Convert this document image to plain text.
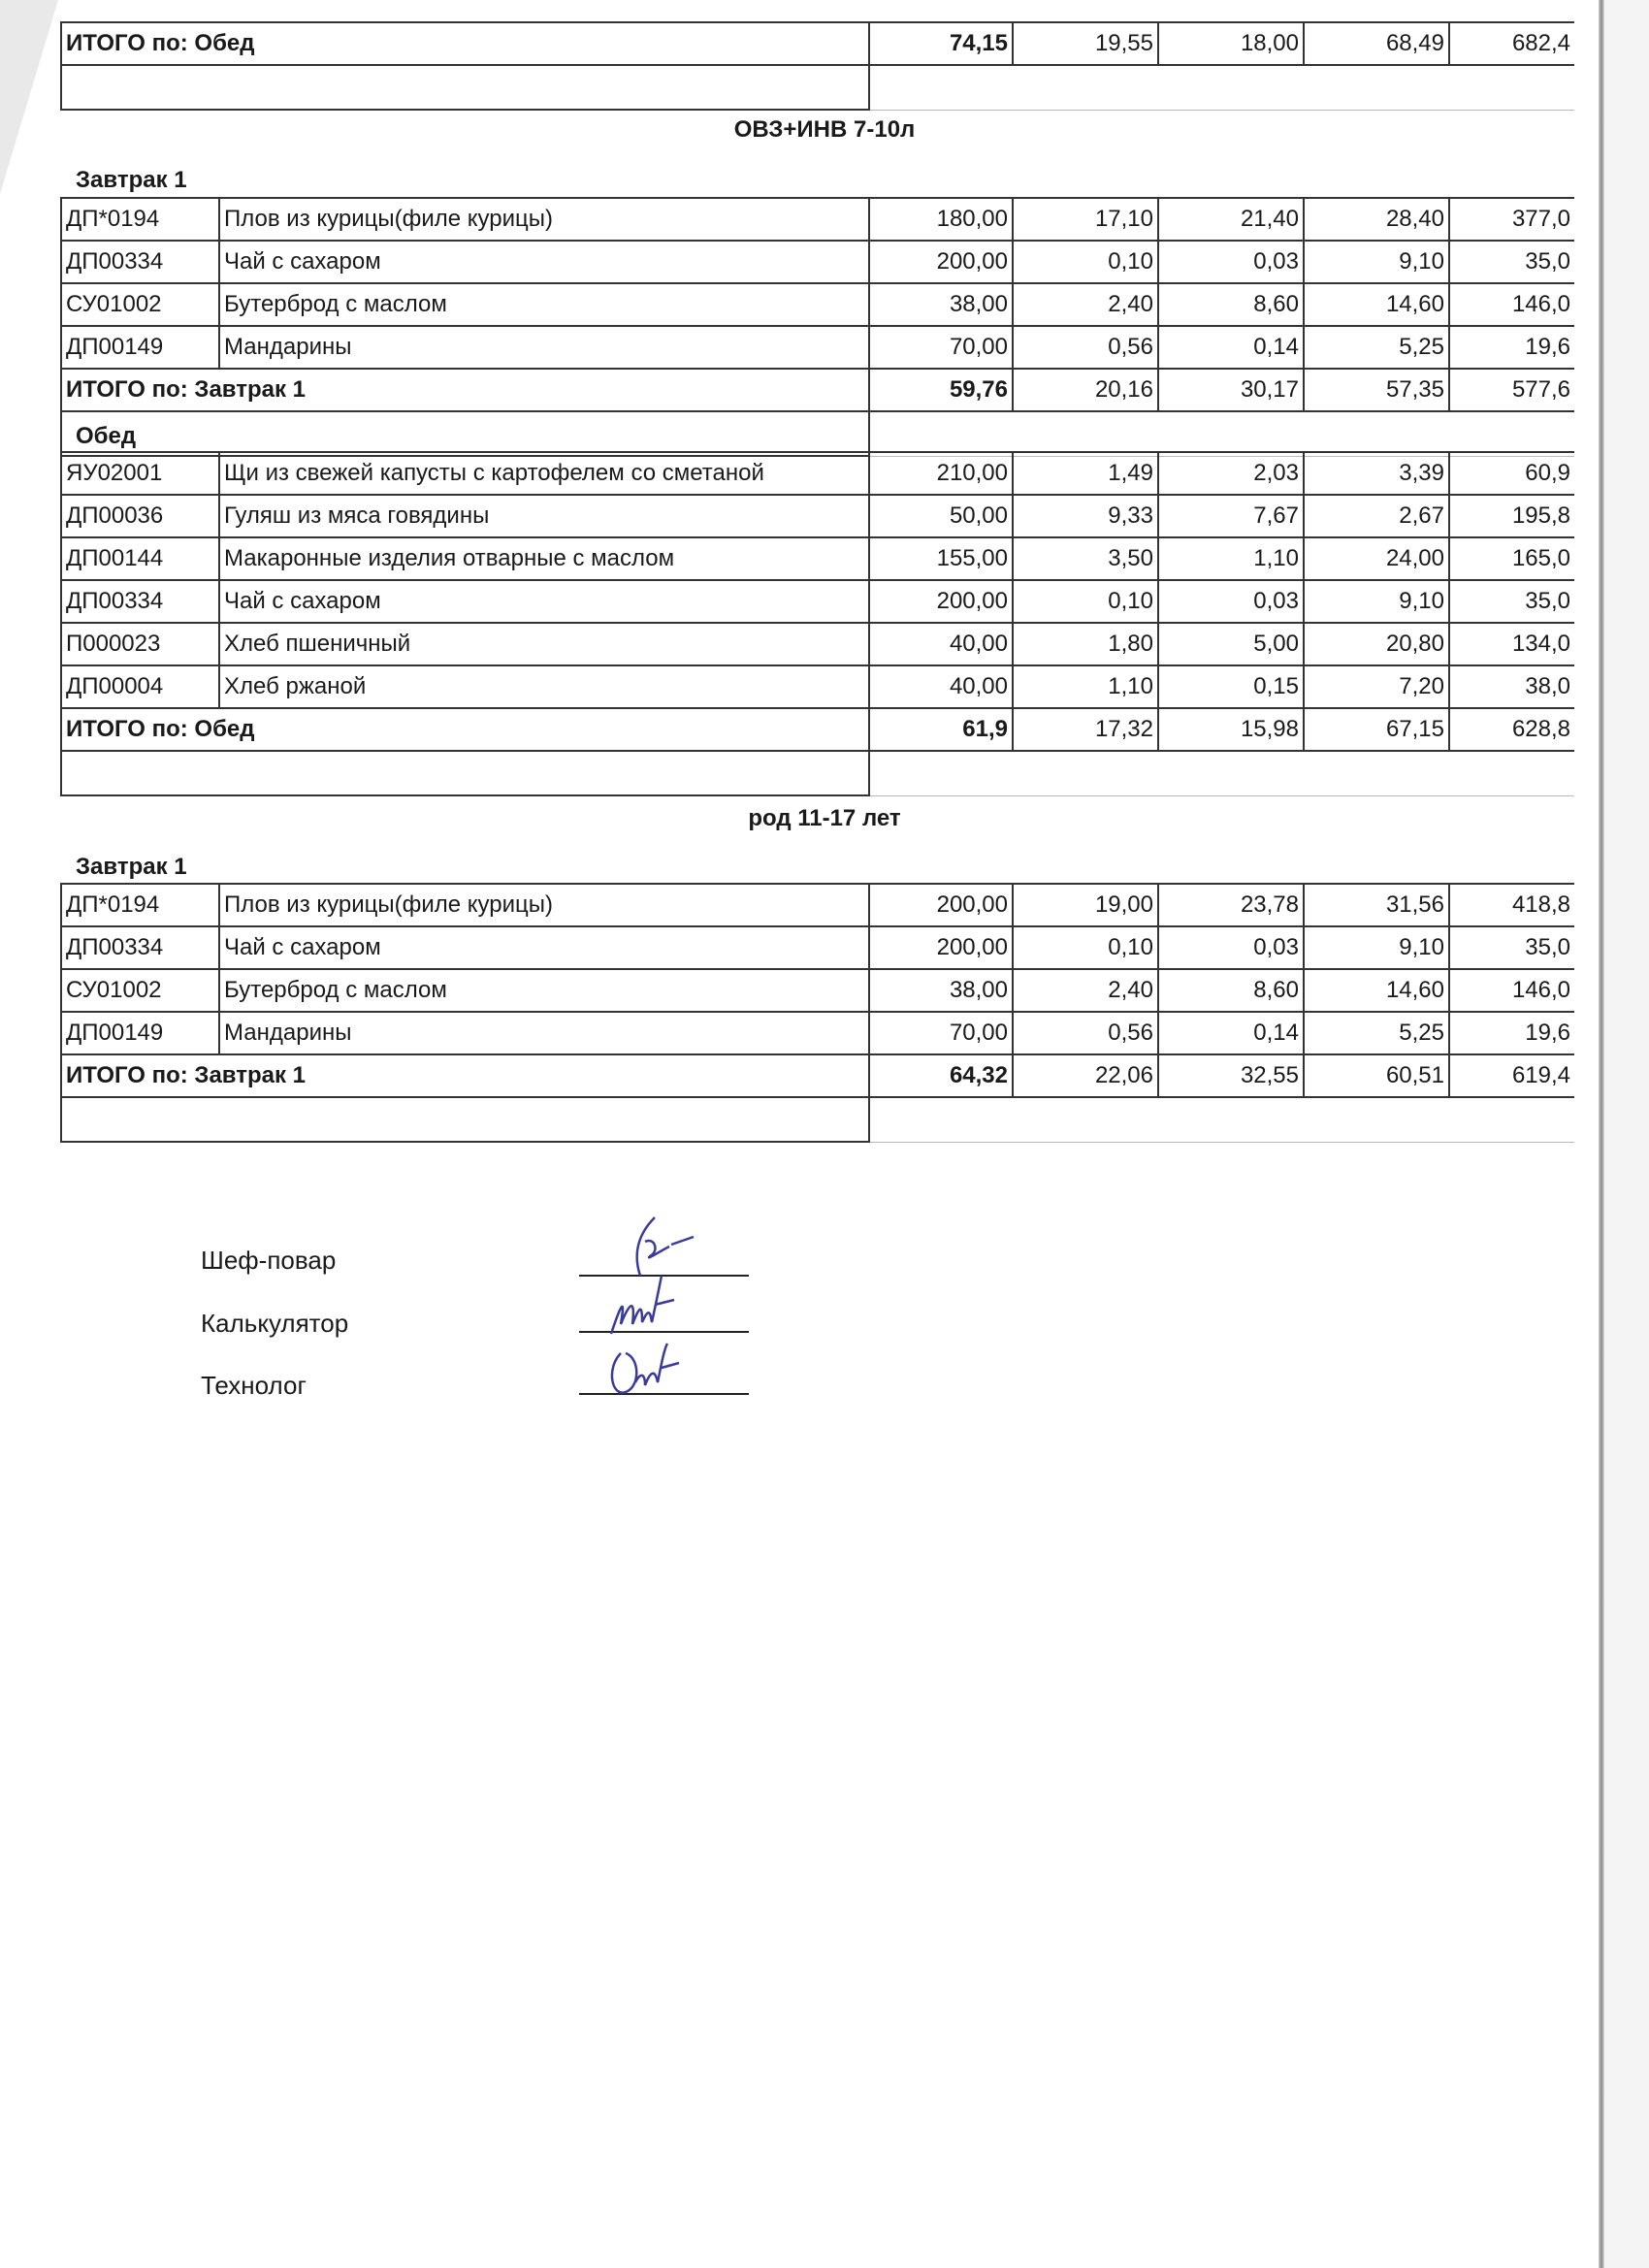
ИТОГО по: Обед	74,15	19,55	18,00	68,49	682,4

ОВЗ+ИНВ 7-10л
Завтрак 1
ДП*0194	Плов из курицы(филе курицы)	180,00	17,10	21,40	28,40	377,0
ДП00334	Чай с сахаром	200,00	0,10	0,03	9,10	35,0
СУ01002	Бутерброд с маслом	38,00	2,40	8,60	14,60	146,0
ДП00149	Мандарины	70,00	0,56	0,14	5,25	19,6
ИТОГО по: Завтрак 1		59,76	20,16	30,17	57,35	577,6

Обед
ЯУ02001	Щи из свежей капусты с картофелем со сметаной	210,00	1,49	2,03	3,39	60,9
ДП00036	Гуляш из мяса говядины	50,00	9,33	7,67	2,67	195,8
ДП00144	Макаронные изделия отварные с маслом	155,00	3,50	1,10	24,00	165,0
ДП00334	Чай с сахаром	200,00	0,10	0,03	9,10	35,0
П000023	Хлеб пшеничный	40,00	1,80	5,00	20,80	134,0
ДП00004	Хлеб ржаной	40,00	1,10	0,15	7,20	38,0
ИТОГО по: Обед		61,9	17,32	15,98	67,15	628,8

род 11-17 лет
Завтрак 1
ДП*0194	Плов из курицы(филе курицы)	200,00	19,00	23,78	31,56	418,8
ДП00334	Чай с сахаром	200,00	0,10	0,03	9,10	35,0
СУ01002	Бутерброд с маслом	38,00	2,40	8,60	14,60	146,0
ДП00149	Мандарины	70,00	0,56	0,14	5,25	19,6
ИТОГО по: Завтрак 1		64,32	22,06	32,55	60,51	619,4

Шеф-повар
Калькулятор
Технолог
